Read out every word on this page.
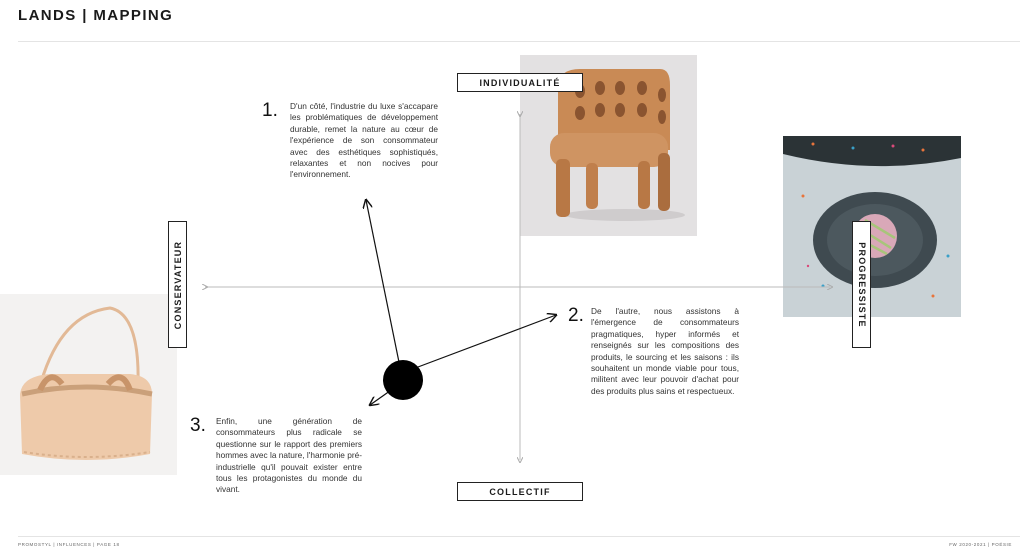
LANDS | MAPPING
INDIVIDUALITÉ
COLLECTIF
CONSERVATEUR	PROGRESSISTE
1. D'un côté, l'industrie du luxe s'accapare les problématiques de développement durable, remet la nature au cœur de l'expérience de son consommateur avec des esthétiques sophistiqués, relaxantes et non nocives pour l'environnement.
2. De l'autre, nous assistons à l'émergence de consommateurs pragmatiques, hyper informés et renseignés sur les compositions des produits, le sourcing et les saisons : ils souhaitent un monde viable pour tous, militent avec leur pouvoir d'achat pour des produits plus sains et respectueux.
3. Enfin, une génération de consommateurs plus radicale se questionne sur le rapport des premiers hommes avec la nature, l'harmonie pré-industrielle qu'il pouvait exister entre tous les protagonistes du monde du vivant.
PROMOSTYL | INFLUENCES | PAGE 18	FW 2020-2021 | POÉSIE
